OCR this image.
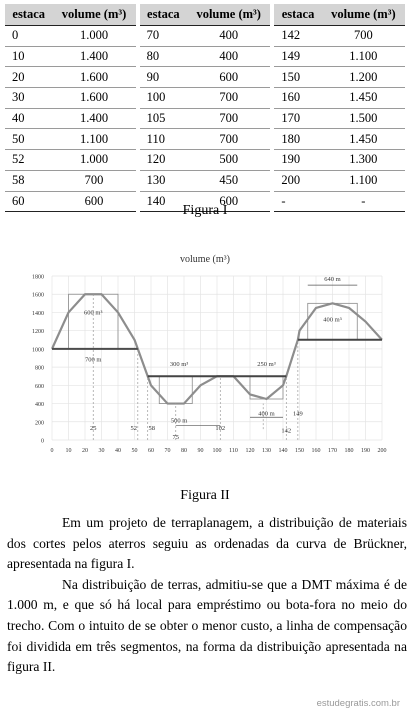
estaca	volume (m³)	estaca	volume (m³)	estaca	volume (m³)
0	1.000	70	400	142	700
10	1.400	80	400	149	1.100
20	1.600	90	600	150	1.200
30	1.600	100	700	160	1.450
40	1.400	105	700	170	1.500
50	1.100	110	700	180	1.450
52	1.000	120	500	190	1.300
58	700	130	450	200	1.100
60	600	140	600	-	-
Figura I
volume (m³)
0
200
400
600
800
1000
1200
1400
1600
1800
0 10 20 30 40 50 60 70 80 90 100 110 120 130 140 150 160 170 180 190 200
600 m³
300 m³	250 m³
400 m³
700 m
500 m
400 m
640 m
25	52 58
75
102	142
149
Figura II

Em um projeto de terraplanagem, a distribuição de materiais dos cortes pelos aterros seguiu as ordenadas da curva de Brückner, apresentada na figura I.

Na distribuição de terras, admitiu-se que a DMT máxima é de 1.000 m, e que só há local para empréstimo ou bota-fora no meio do trecho. Com o intuito de se obter o menor custo, a linha de compensação foi dividida em três segmentos, na forma da distribuição apresentada na figura II.

estudegratis.com.br
